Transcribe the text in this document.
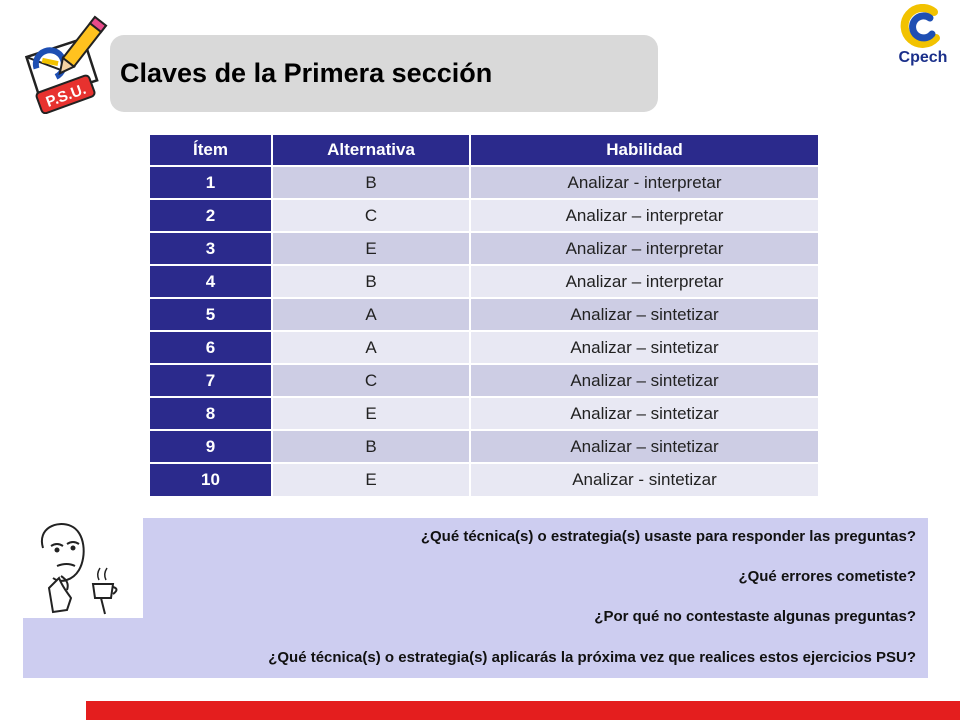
P.S.U.
Claves de la Primera sección
Cpech
Ítem	Alternativa	Habilidad
1	B	Analizar - interpretar
2	C	Analizar – interpretar
3	E	Analizar – interpretar
4	B	Analizar – interpretar
5	A	Analizar – sintetizar
6	A	Analizar – sintetizar
7	C	Analizar – sintetizar
8	E	Analizar – sintetizar
9	B	Analizar – sintetizar
10	E	Analizar - sintetizar

¿Qué técnica(s) o estrategia(s) usaste para responder las preguntas?

¿Qué errores cometiste?

¿Por qué no contestaste algunas preguntas?

¿Qué técnica(s) o estrategia(s) aplicarás la próxima vez que realices estos ejercicios PSU?
